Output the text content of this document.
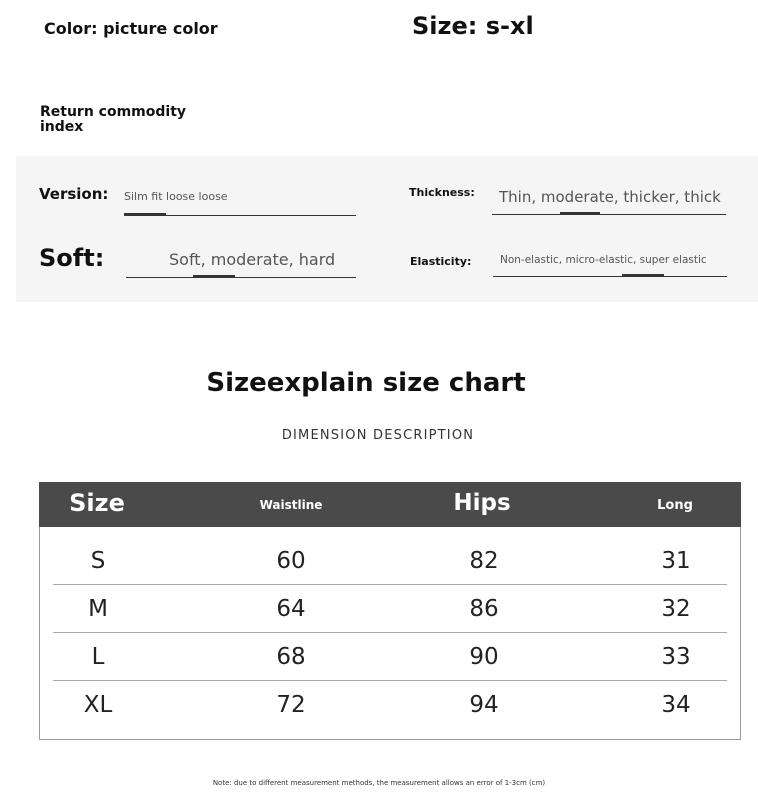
Color: picture color	Size: s-xl
Return commodity index
Version: Silm fit loose loose	Thickness: Thin, moderate, thicker, thick
Soft:	Soft, moderate, hard	Elasticity:	Non-elastic, micro-elastic, super elastic
Sizeexplain size chart
DIMENSION DESCRIPTION
Size	Waistline	Hips	Long
S	60	82	31
M	64	86	32
L	68	90	33
XL	72	94	34
Note: due to different measurement methods, the measurement allows an error of 1-3cm (cm)
